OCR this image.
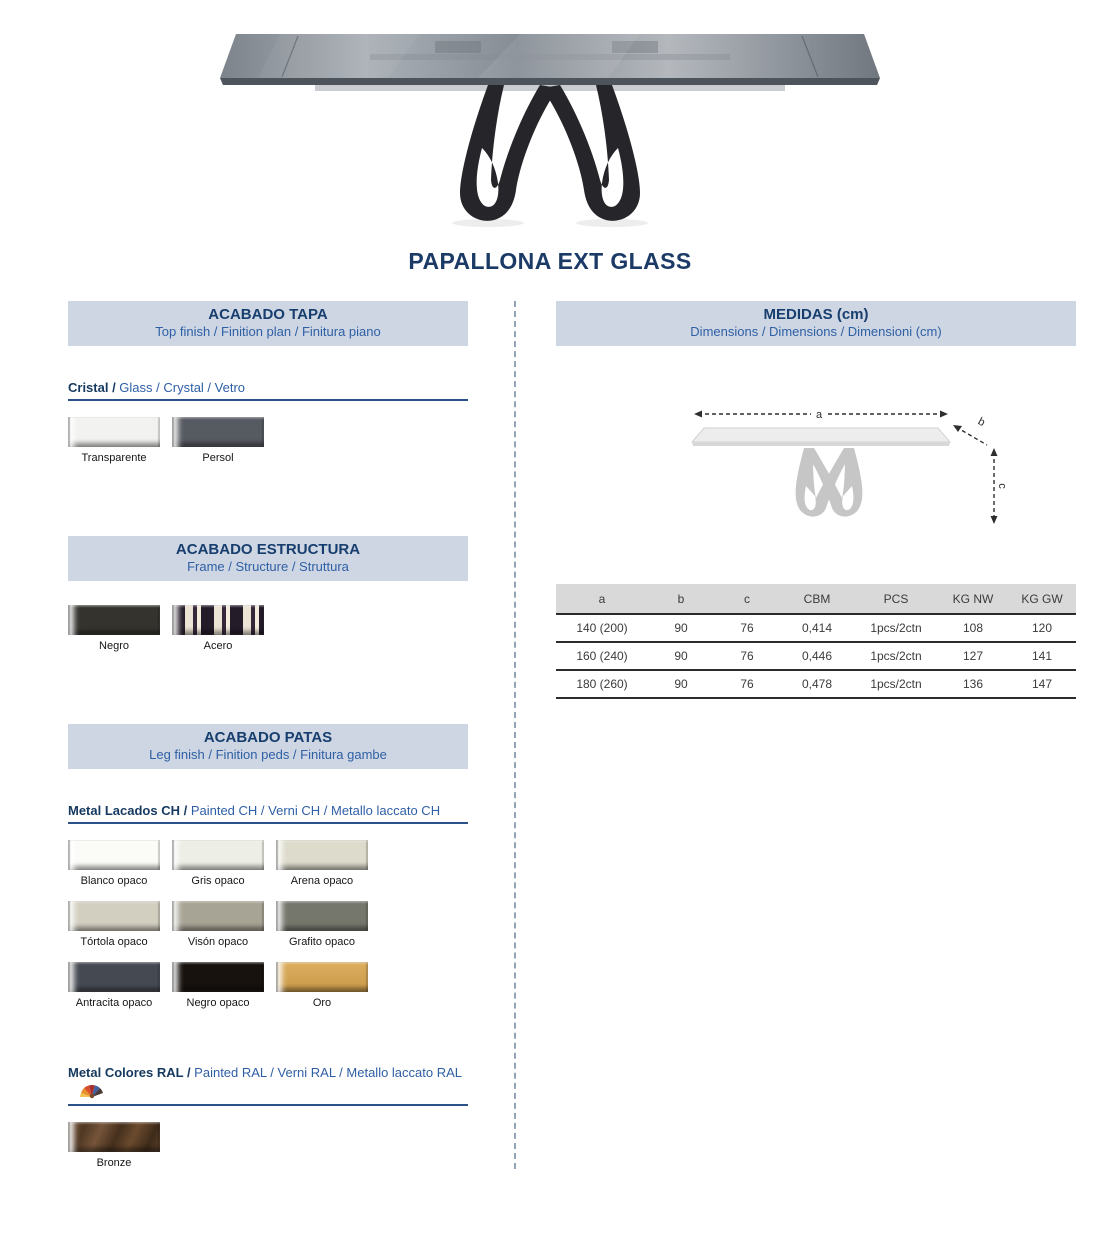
PAPALLONA EXT GLASS
ACABADO TAPA
Top finish / Finition plan / Finitura piano
Cristal / Glass / Crystal / Vetro
Transparente	Persol
ACABADO ESTRUCTURA
Frame / Structure / Struttura
Negro	Acero
ACABADO PATAS
Leg finish / Finition peds / Finitura gambe
Metal Lacados CH / Painted CH / Verni CH / Metallo laccato CH
Blanco opaco	Gris opaco	Arena opaco
Tórtola opaco	Visón opaco	Grafito opaco
Antracita opaco	Negro opaco	Oro
Metal Colores RAL / Painted RAL / Verni RAL / Metallo laccato RAL
Bronze
MEDIDAS (cm)
Dimensions / Dimensions / Dimensioni (cm)
a
b
c
a	b	c	CBM	PCS	KG NW	KG GW
140 (200)	90	76	0,414	1pcs/2ctn	108	120
160 (240)	90	76	0,446	1pcs/2ctn	127	141
180 (260)	90	76	0,478	1pcs/2ctn	136	147
